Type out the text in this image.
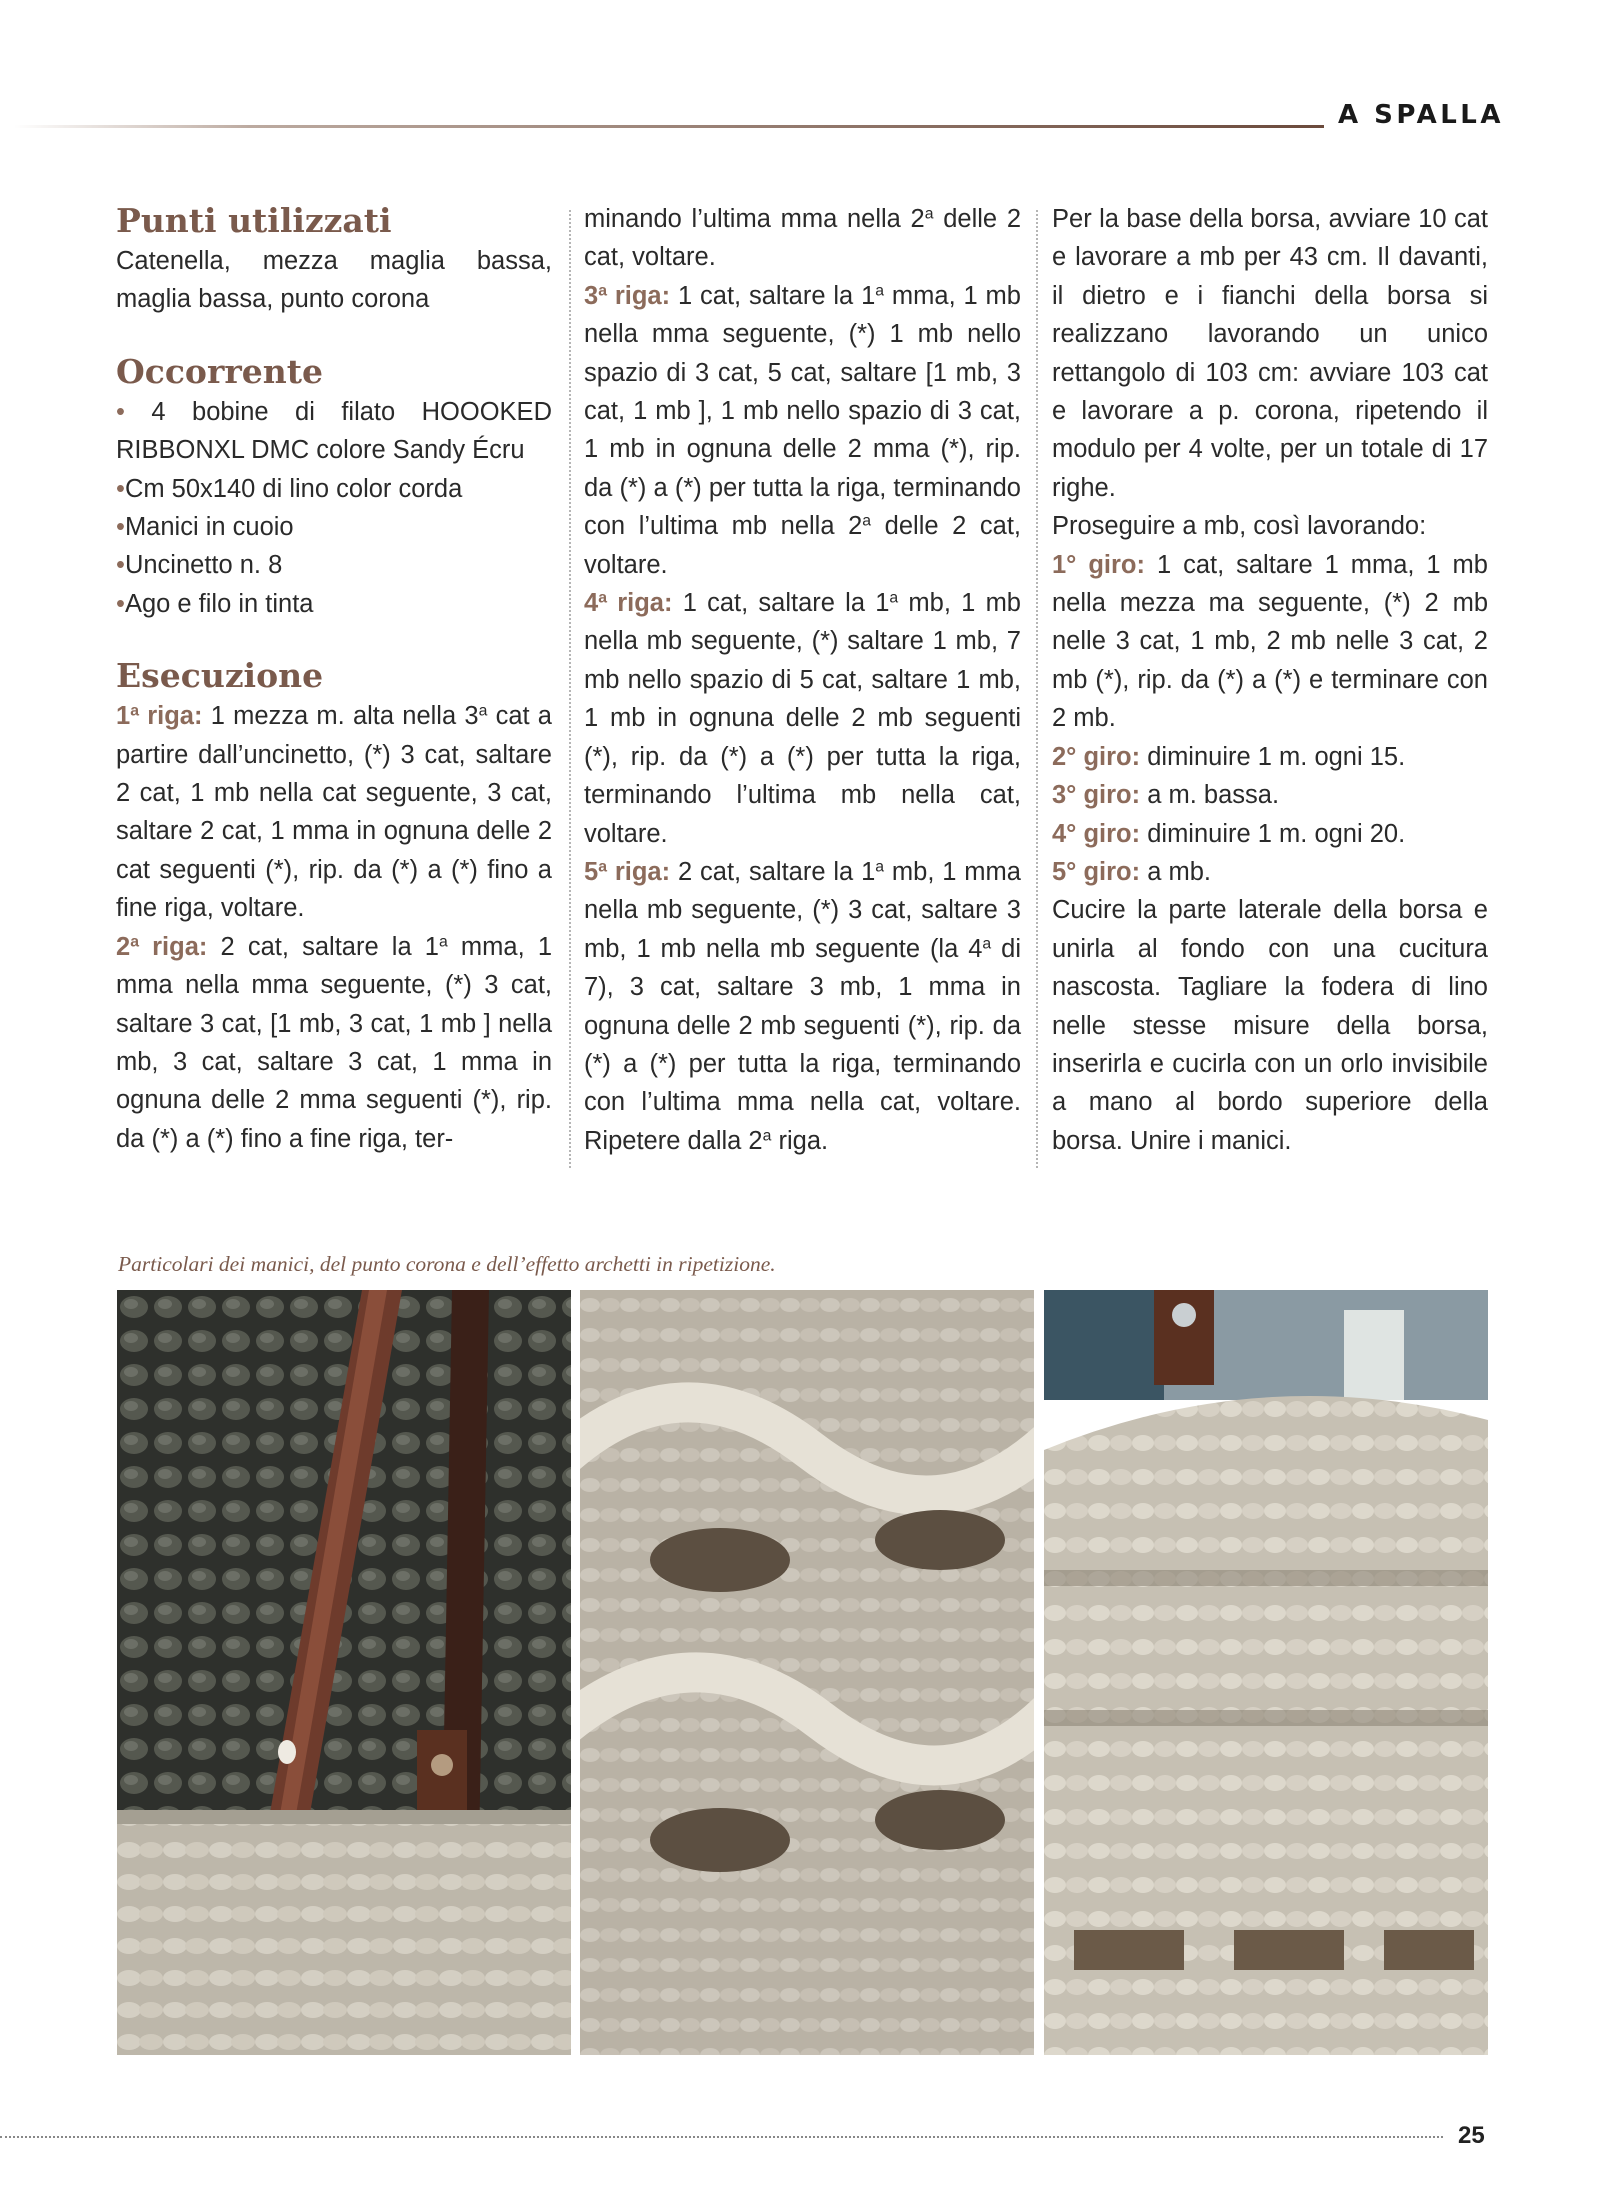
A SPALLA
Punti utilizzati

Catenella, mezza maglia bassa, maglia bassa, punto corona

Occorrente

• 4 bobine di filato HOOOKED RIBBONXL DMC colore Sandy Écru

•Cm 50x140 di lino color corda

•Manici in cuoio

•Uncinetto n. 8

•Ago e filo in tinta

Esecuzione

1$^a$ riga: 1 mezza m. alta nella 3$^a$ cat a partire dall’uncinetto, (*) 3 cat, saltare 2 cat, 1 mb nella cat seguente, 3 cat, saltare 2 cat, 1 mma in ognuna delle 2 cat seguenti (*), rip. da (*) a (*) fino a fine riga, voltare.

2$^a$ riga: 2 cat, saltare la 1$^a$ mma, 1 mma nella mma seguente, (*) 3 cat, saltare 3 cat, [1 mb, 3 cat, 1 mb ] nella mb, 3 cat, saltare 3 cat, 1 mma in ognuna delle 2 mma seguenti (*), rip. da (*) a (*) fino a fine riga, ter-

minando l’ultima mma nella 2$^a$ delle 2 cat, voltare.

3$^a$ riga: 1 cat, saltare la 1$^a$ mma, 1 mb nella mma seguente, (*) 1 mb nello spazio di 3 cat, 5 cat, saltare [1 mb, 3 cat, 1 mb ], 1 mb nello spazio di 3 cat, 1 mb in ognuna delle 2 mma (*), rip. da (*) a (*) per tutta la riga, terminando con l’ultima mb nella 2$^a$ delle 2 cat, voltare.

4$^a$ riga: 1 cat, saltare la 1$^a$ mb, 1 mb nella mb seguente, (*) saltare 1 mb, 7 mb nello spazio di 5 cat, saltare 1 mb, 1 mb in ognuna delle 2 mb seguenti (*), rip. da (*) a (*) per tutta la riga, terminando l’ultima mb nella cat, voltare.

5$^a$ riga: 2 cat, saltare la 1$^a$ mb, 1 mma nella mb seguente, (*) 3 cat, saltare 3 mb, 1 mb nella mb seguente (la 4$^a$ di 7), 3 cat, saltare 3 mb, 1 mma in ognuna delle 2 mb seguenti (*), rip. da (*) a (*) per tutta la riga, terminando con l’ultima mma nella cat, voltare. Ripetere dalla 2$^a$ riga.

Per la base della borsa, avviare 10 cat e lavorare a mb per 43 cm. Il davanti, il dietro e i fianchi della borsa si realizzano lavorando un unico rettangolo di 103 cm: avviare 103 cat e lavorare a p. corona, ripetendo il modulo per 4 volte, per un totale di 17 righe.

Proseguire a mb, così lavorando:

1° giro: 1 cat, saltare 1 mma, 1 mb nella mezza ma seguente, (*) 2 mb nelle 3 cat, 1 mb, 2 mb nelle 3 cat, 2 mb (*), rip. da (*) a (*) e terminare con 2 mb.

2° giro: diminuire 1 m. ogni 15.

3° giro: a m. bassa.

4° giro: diminuire 1 m. ogni 20.

5° giro: a mb.

Cucire la parte laterale della borsa e unirla al fondo con una cucitura nascosta. Tagliare la fodera di lino nelle stesse misure della borsa, inserirla e cucirla con un orlo invisibile a mano al bordo superiore della borsa. Unire i manici.

Particolari dei manici, del punto corona e dell’effetto archetti in ripetizione.
25
